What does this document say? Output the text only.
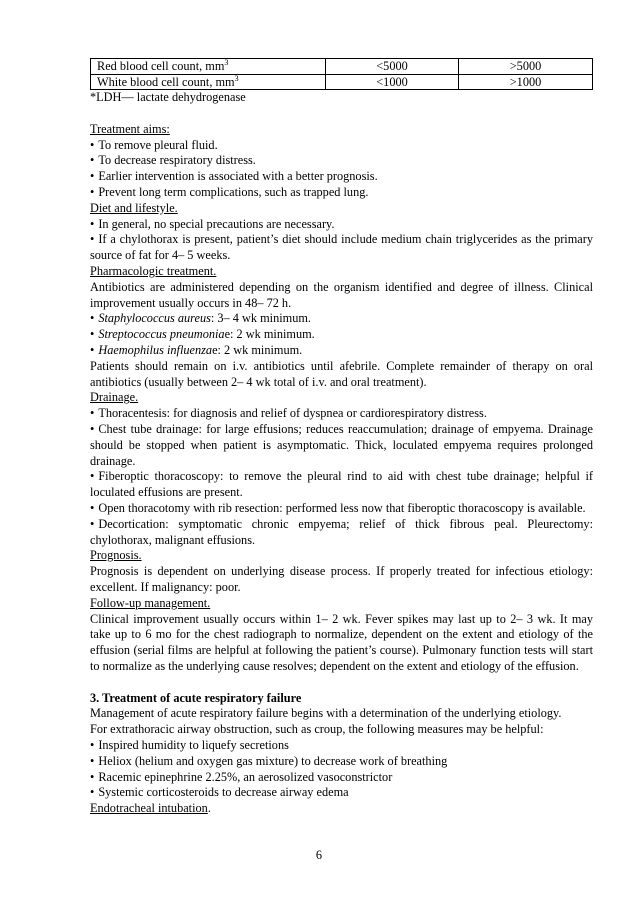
Red blood cell count, $mm^3$	<5000	>5000
White blood cell count, $mm^3$	<1000	>1000

*LDH— lactate dehydrogenase

Treatment aims:

• To remove pleural fluid.

• To decrease respiratory distress.

• Earlier intervention is associated with a better prognosis.

• Prevent long term complications, such as trapped lung.

Diet and lifestyle.

• In general, no special precautions are necessary.

• If a chylothorax is present, patient’s diet should include medium chain triglycerides as the primary source of fat for 4– 5 weeks.

Pharmacologic treatment.

Antibiotics are administered depending on the organism identified and degree of illness. Clinical improvement usually occurs in 48– 72 h.

• Staphylococcus aureus: 3– 4 wk minimum.

• Streptococcus pneumoniae: 2 wk minimum.

• Haemophilus influenzae: 2 wk minimum.

Patients should remain on i.v. antibiotics until afebrile. Complete remainder of therapy on oral antibiotics (usually between 2– 4 wk total of i.v. and oral treatment).

Drainage.

• Thoracentesis: for diagnosis and relief of dyspnea or cardiorespiratory distress.

• Chest tube drainage: for large effusions; reduces reaccumulation; drainage of empyema. Drainage should be stopped when patient is asymptomatic. Thick, loculated empyema requires prolonged drainage.

• Fiberoptic thoracoscopy: to remove the pleural rind to aid with chest tube drainage; helpful if loculated effusions are present.

• Open thoracotomy with rib resection: performed less now that fiberoptic thoracoscopy is available.

• Decortication: symptomatic chronic empyema; relief of thick fibrous peal. Pleurectomy: chylothorax, malignant effusions.

Prognosis.

Prognosis is dependent on underlying disease process. If properly treated for infectious etiology: excellent. If malignancy: poor.

Follow-up management.

Clinical improvement usually occurs within 1– 2 wk. Fever spikes may last up to 2– 3 wk. It may take up to 6 mo for the chest radiograph to normalize, dependent on the extent and etiology of the effusion (serial films are helpful at following the patient’s course). Pulmonary function tests will start to normalize as the underlying cause resolves; dependent on the extent and etiology of the effusion.

3. Treatment of acute respiratory failure

Management of acute respiratory failure begins with a determination of the underlying etiology.

For extrathoracic airway obstruction, such as croup, the following measures may be helpful:

• Inspired humidity to liquefy secretions

• Heliox (helium and oxygen gas mixture) to decrease work of breathing

• Racemic epinephrine 2.25%, an aerosolized vasoconstrictor

• Systemic corticosteroids to decrease airway edema

Endotracheal intubation.

6
